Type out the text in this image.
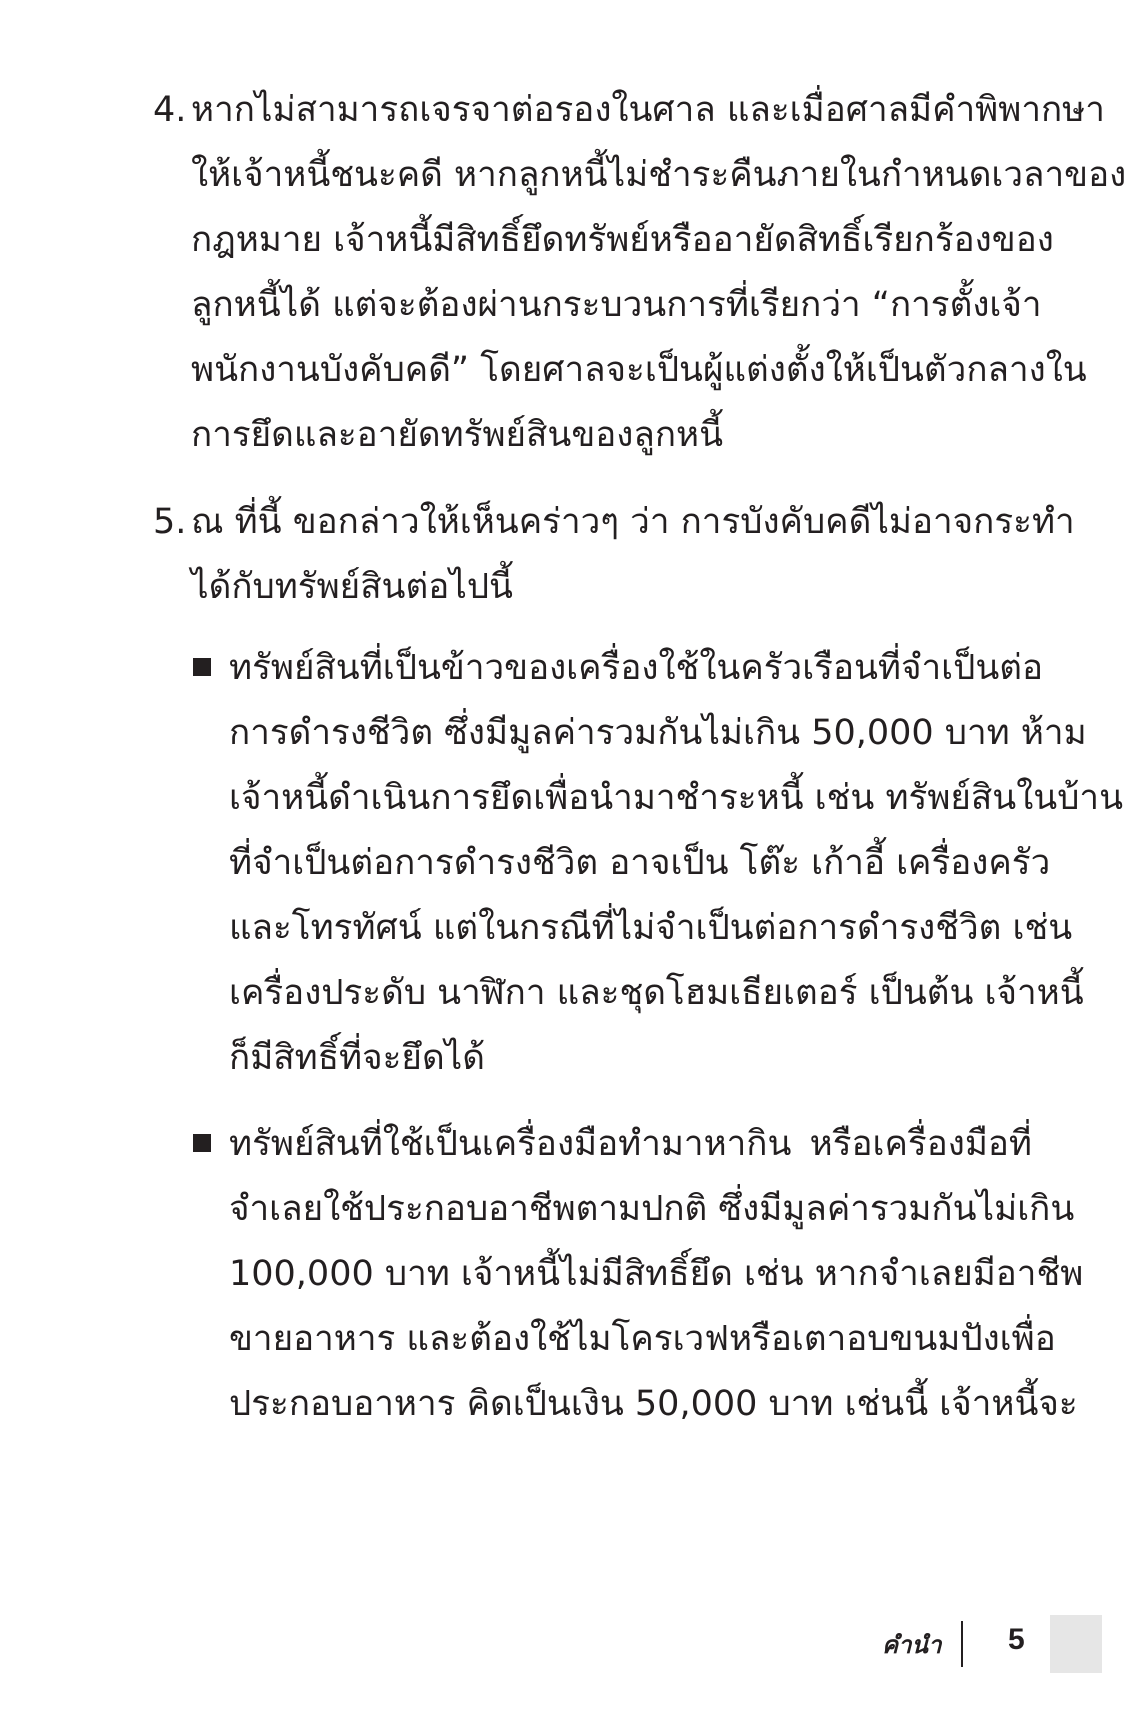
4. หากไม่สามารถเจรจาต่อรองในศาล และเมื่อศาลมีคำพิพากษา
ให้เจ้าหนี้ชนะคดี หากลูกหนี้ไม่ชำระคืนภายในกำหนดเวลาของ
กฎหมาย เจ้าหนี้มีสิทธิ์ยึดทรัพย์หรืออายัดสิทธิ์เรียกร้องของ
ลูกหนี้ได้ แต่จะต้องผ่านกระบวนการที่เรียกว่า “การตั้งเจ้า
พนักงานบังคับคดี” โดยศาลจะเป็นผู้แต่งตั้งให้เป็นตัวกลางใน
การยึดและอายัดทรัพย์สินของลูกหนี้
5. ณ ที่นี้ ขอกล่าวให้เห็นคร่าวๆ ว่า การบังคับคดีไม่อาจกระทำ
ได้กับทรัพย์สินต่อไปนี้
ทรัพย์สินที่เป็นข้าวของเครื่องใช้ในครัวเรือนที่จำเป็นต่อ
การดำรงชีวิต ซึ่งมีมูลค่ารวมกันไม่เกิน 50,000 บาท ห้าม
เจ้าหนี้ดำเนินการยึดเพื่อนำมาชำระหนี้ เช่น ทรัพย์สินในบ้าน
ที่จำเป็นต่อการดำรงชีวิต อาจเป็น โต๊ะ เก้าอี้ เครื่องครัว
และโทรทัศน์ แต่ในกรณีที่ไม่จำเป็นต่อการดำรงชีวิต เช่น
เครื่องประดับ นาฬิกา และชุดโฮมเธียเตอร์ เป็นต้น เจ้าหนี้
ก็มีสิทธิ์ที่จะยึดได้
ทรัพย์สินที่ใช้เป็นเครื่องมือทำมาหากิน หรือเครื่องมือที่
จำเลยใช้ประกอบอาชีพตามปกติ ซึ่งมีมูลค่ารวมกันไม่เกิน
100,000 บาท เจ้าหนี้ไม่มีสิทธิ์ยึด เช่น หากจำเลยมีอาชีพ
ขายอาหาร และต้องใช้ไมโครเวฟหรือเตาอบขนมปังเพื่อ
ประกอบอาหาร คิดเป็นเงิน 50,000 บาท เช่นนี้ เจ้าหนี้จะ
คำนำ 5
